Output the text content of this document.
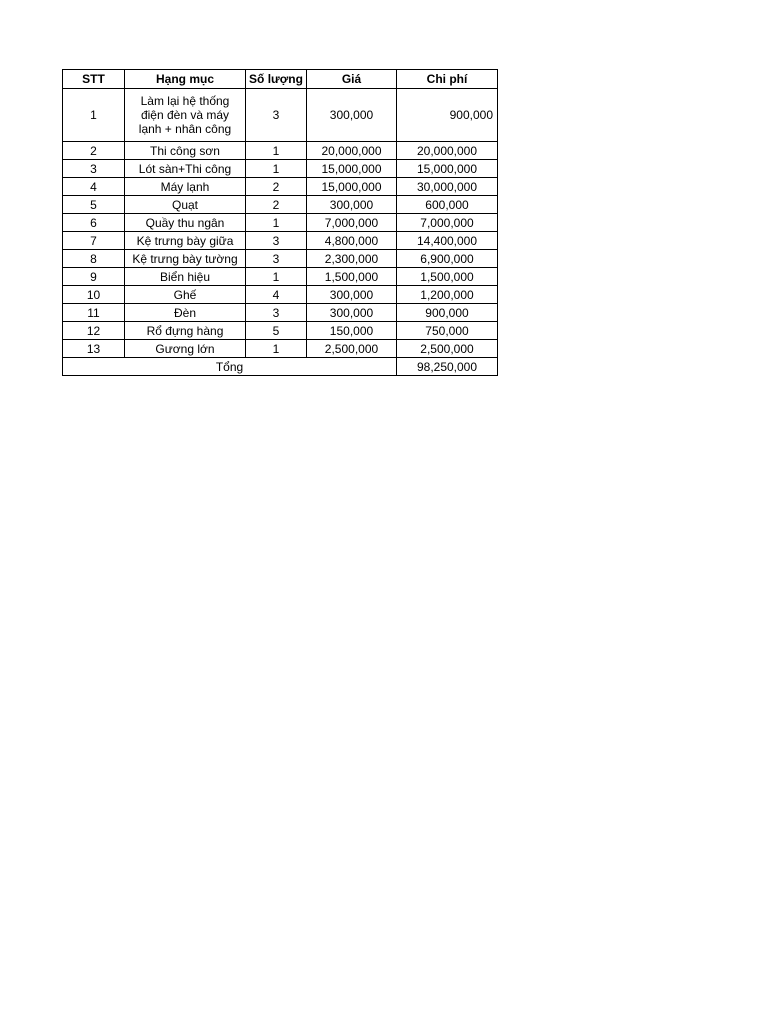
STT	Hạng mục	Số lượng	Giá	Chi phí
1	Làm lại hệ thống điện đèn và máy lạnh + nhân công	3	300,000	900,000
2	Thi công sơn	1	20,000,000	20,000,000
3	Lót sàn+Thi công	1	15,000,000	15,000,000
4	Máy lạnh	2	15,000,000	30,000,000
5	Quạt	2	300,000	600,000
6	Quầy thu ngân	1	7,000,000	7,000,000
7	Kệ trưng bày giữa	3	4,800,000	14,400,000
8	Kệ trưng bày tường	3	2,300,000	6,900,000
9	Biển hiệu	1	1,500,000	1,500,000
10	Ghế	4	300,000	1,200,000
11	Đèn	3	300,000	900,000
12	Rổ đựng hàng	5	150,000	750,000
13	Gương lớn	1	2,500,000	2,500,000
Tổng				98,250,000
